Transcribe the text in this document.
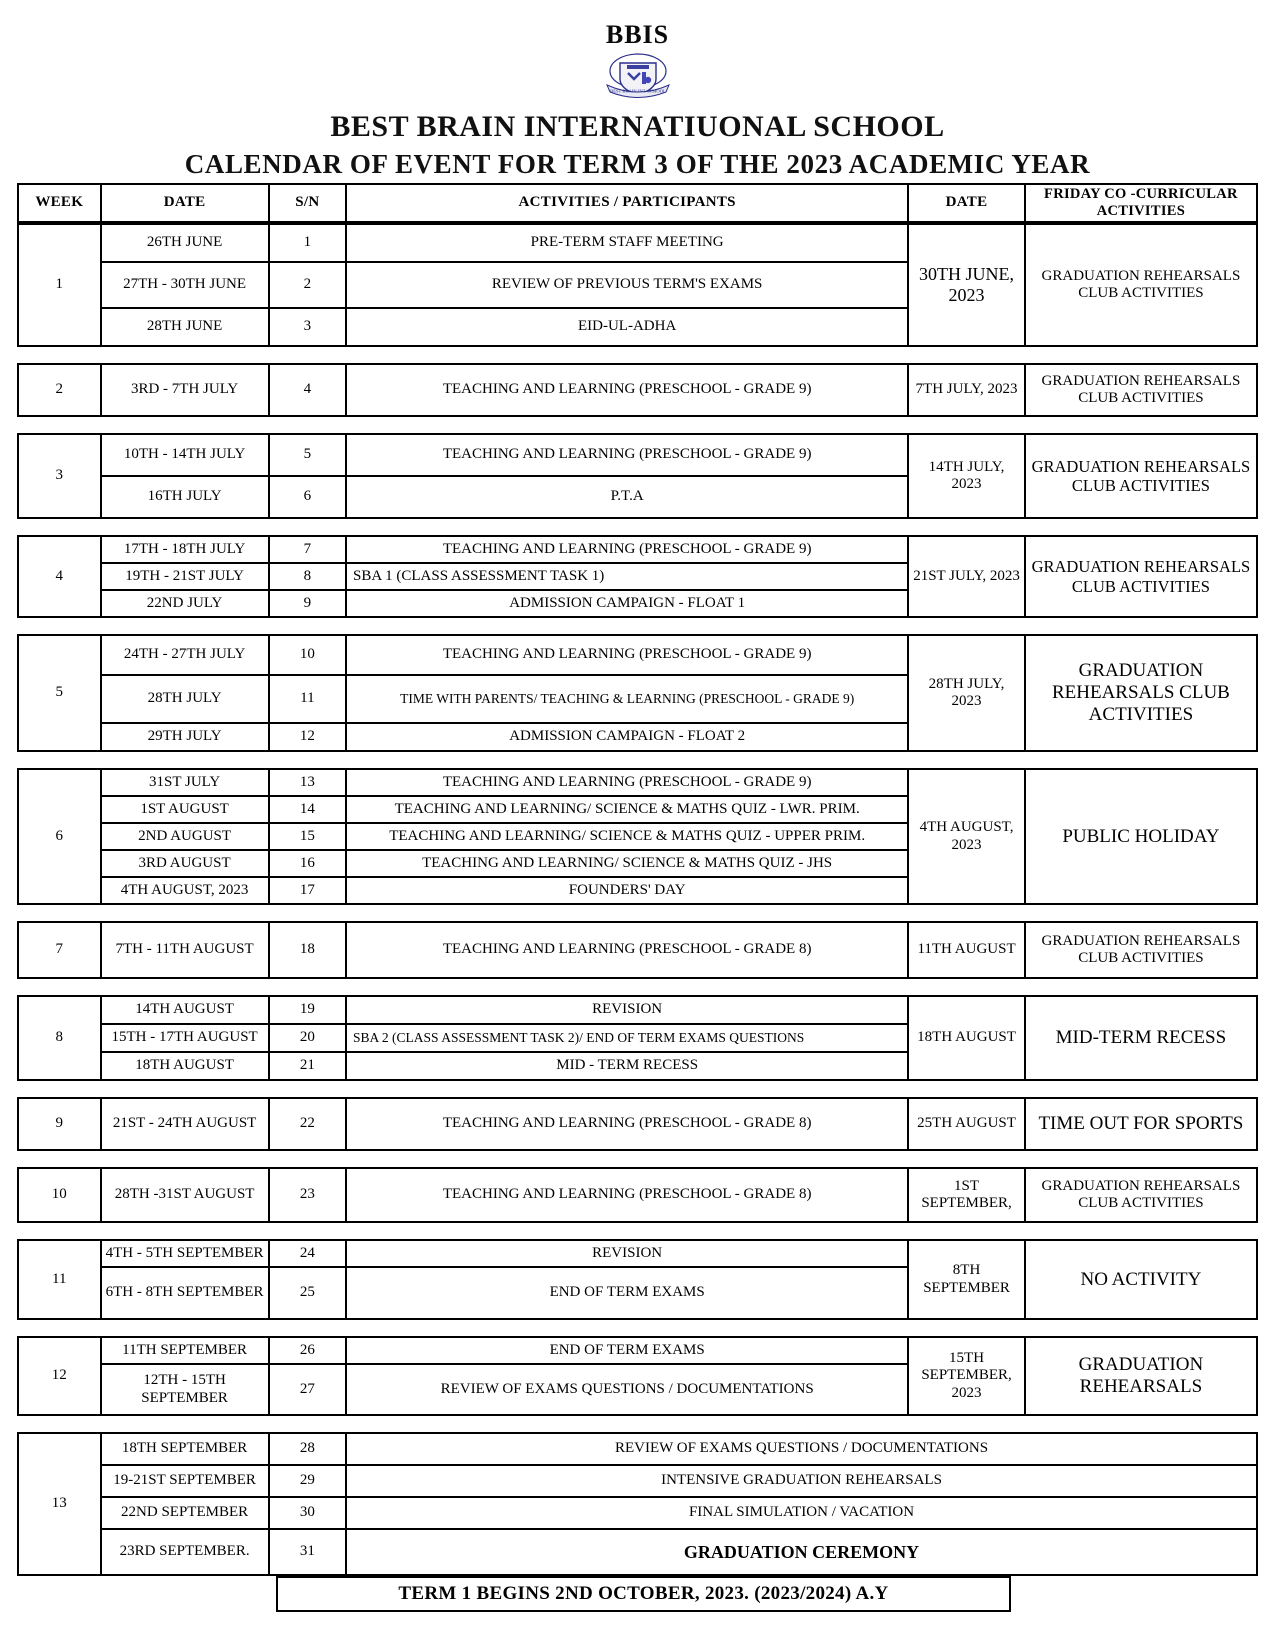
BBIS
BEST BRAIN INT. SCHOOL
BEST BRAIN INTERNATIUONAL SCHOOL
CALENDAR OF EVENT FOR TERM 3 OF THE 2023 ACADEMIC YEAR
WEEK	DATE	S/N	ACTIVITIES / PARTICIPANTS	DATE	FRIDAY CO -CURRICULAR
ACTIVITIES
1	26TH JUNE	1	PRE-TERM STAFF MEETING	30TH JUNE, 2023	GRADUATION REHEARSALS CLUB ACTIVITIES
	27TH - 30TH JUNE	2	REVIEW OF PREVIOUS TERM'S EXAMS		
	28TH JUNE	3	EID-UL-ADHA		
2	3RD - 7TH JULY	4	TEACHING AND LEARNING (PRESCHOOL - GRADE 9)	7TH JULY, 2023	GRADUATION REHEARSALS CLUB ACTIVITIES
3	10TH - 14TH JULY	5	TEACHING AND LEARNING (PRESCHOOL - GRADE 9)	14TH JULY, 2023	GRADUATION REHEARSALS CLUB ACTIVITIES
	16TH JULY	6	P.T.A		
4	17TH - 18TH JULY	7	TEACHING AND LEARNING (PRESCHOOL - GRADE 9)	21ST JULY, 2023	GRADUATION REHEARSALS CLUB ACTIVITIES
	19TH - 21ST JULY	8	SBA 1 (CLASS ASSESSMENT TASK 1)		
	22ND JULY	9	ADMISSION CAMPAIGN - FLOAT 1		
5	24TH - 27TH JULY	10	TEACHING AND LEARNING (PRESCHOOL - GRADE 9)	28TH JULY, 2023	GRADUATION REHEARSALS CLUB ACTIVITIES
	28TH JULY	11	TIME WITH PARENTS/ TEACHING & LEARNING (PRESCHOOL - GRADE 9)		
	29TH JULY	12	ADMISSION CAMPAIGN - FLOAT 2		
6	31ST JULY	13	TEACHING AND LEARNING (PRESCHOOL - GRADE 9)	4TH AUGUST, 2023	PUBLIC HOLIDAY
	1ST AUGUST	14	TEACHING AND LEARNING/ SCIENCE & MATHS QUIZ - LWR. PRIM.		
	2ND AUGUST	15	TEACHING AND LEARNING/ SCIENCE & MATHS QUIZ - UPPER PRIM.		
	3RD AUGUST	16	TEACHING AND LEARNING/ SCIENCE & MATHS QUIZ - JHS		
	4TH AUGUST, 2023	17	FOUNDERS' DAY		
7	7TH - 11TH AUGUST	18	TEACHING AND LEARNING (PRESCHOOL - GRADE 8)	11TH AUGUST	GRADUATION REHEARSALS CLUB ACTIVITIES
8	14TH AUGUST	19	REVISION	18TH AUGUST	MID-TERM RECESS
	15TH - 17TH AUGUST	20	SBA 2 (CLASS ASSESSMENT TASK 2)/ END OF TERM EXAMS QUESTIONS		
	18TH AUGUST	21	MID - TERM RECESS		
9	21ST - 24TH AUGUST	22	TEACHING AND LEARNING (PRESCHOOL - GRADE 8)	25TH AUGUST	TIME OUT FOR SPORTS
10	28TH -31ST AUGUST	23	TEACHING AND LEARNING (PRESCHOOL - GRADE 8)	1ST SEPTEMBER,	GRADUATION REHEARSALS CLUB ACTIVITIES
11	4TH - 5TH SEPTEMBER	24	REVISION	8TH SEPTEMBER	NO ACTIVITY
	6TH - 8TH SEPTEMBER	25	END OF TERM EXAMS		
12	11TH SEPTEMBER	26	END OF TERM EXAMS	15TH SEPTEMBER, 2023	GRADUATION REHEARSALS
	12TH - 15TH SEPTEMBER	27	REVIEW OF EXAMS QUESTIONS / DOCUMENTATIONS		
13	18TH SEPTEMBER	28	REVIEW OF EXAMS QUESTIONS / DOCUMENTATIONS
	19-21ST SEPTEMBER	29	INTENSIVE GRADUATION REHEARSALS
	22ND SEPTEMBER	30	FINAL SIMULATION / VACATION
	23RD SEPTEMBER.	31	GRADUATION CEREMONY
TERM 1 BEGINS 2ND OCTOBER, 2023. (2023/2024) A.Y
